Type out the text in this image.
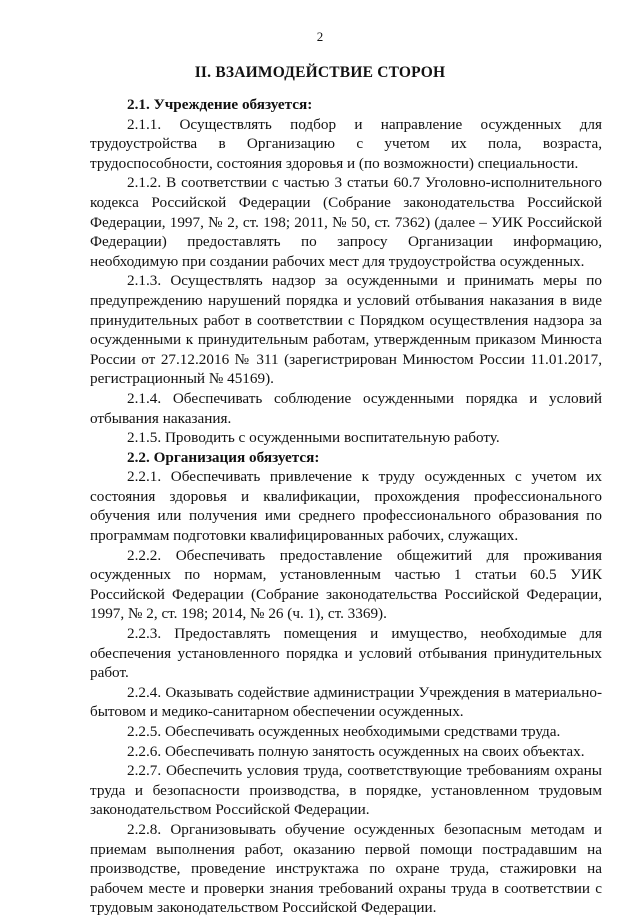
2
II. ВЗАИМОДЕЙСТВИЕ СТОРОН

2.1. Учреждение обязуется:

2.1.1. Осуществлять подбор и направление осужденных для трудоустройства в Организацию с учетом их пола, возраста, трудоспособности, состояния здоровья и (по возможности) специальности.

2.1.2. В соответствии с частью 3 статьи 60.7 Уголовно-исполнительного кодекса Российской Федерации (Собрание законодательства Российской Федерации, 1997, № 2, ст. 198; 2011, № 50, ст. 7362) (далее – УИК Российской Федерации) предоставлять по запросу Организации информацию, необходимую при создании рабочих мест для трудоустройства осужденных.

2.1.3. Осуществлять надзор за осужденными и принимать меры по предупреждению нарушений порядка и условий отбывания наказания в виде принудительных работ в соответствии с Порядком осуществления надзора за осужденными к принудительным работам, утвержденным приказом Минюста России от 27.12.2016 № 311 (зарегистрирован Минюстом России 11.01.2017, регистрационный № 45169).

2.1.4. Обеспечивать соблюдение осужденными порядка и условий отбывания наказания.

2.1.5. Проводить с осужденными воспитательную работу.

2.2. Организация обязуется:

2.2.1. Обеспечивать привлечение к труду осужденных с учетом их состояния здоровья и квалификации, прохождения профессионального обучения или получения ими среднего профессионального образования по программам подготовки квалифицированных рабочих, служащих.

2.2.2. Обеспечивать предоставление общежитий для проживания осужденных по нормам, установленным частью 1 статьи 60.5 УИК Российской Федерации (Собрание законодательства Российской Федерации, 1997, № 2, ст. 198; 2014, № 26 (ч. 1), ст. 3369).

2.2.3. Предоставлять помещения и имущество, необходимые для обеспечения установленного порядка и условий отбывания принудительных работ.

2.2.4. Оказывать содействие администрации Учреждения в материально-бытовом и медико-санитарном обеспечении осужденных.

2.2.5. Обеспечивать осужденных необходимыми средствами труда.

2.2.6. Обеспечивать полную занятость осужденных на своих объектах.

2.2.7. Обеспечить условия труда, соответствующие требованиям охраны труда и безопасности производства, в порядке, установленном трудовым законодательством Российской Федерации.

2.2.8. Организовывать обучение осужденных безопасным методам и приемам выполнения работ, оказанию первой помощи пострадавшим на производстве, проведение инструктажа по охране труда, стажировки на рабочем месте и проверки знания требований охраны труда в соответствии с трудовым законодательством Российской Федерации.
